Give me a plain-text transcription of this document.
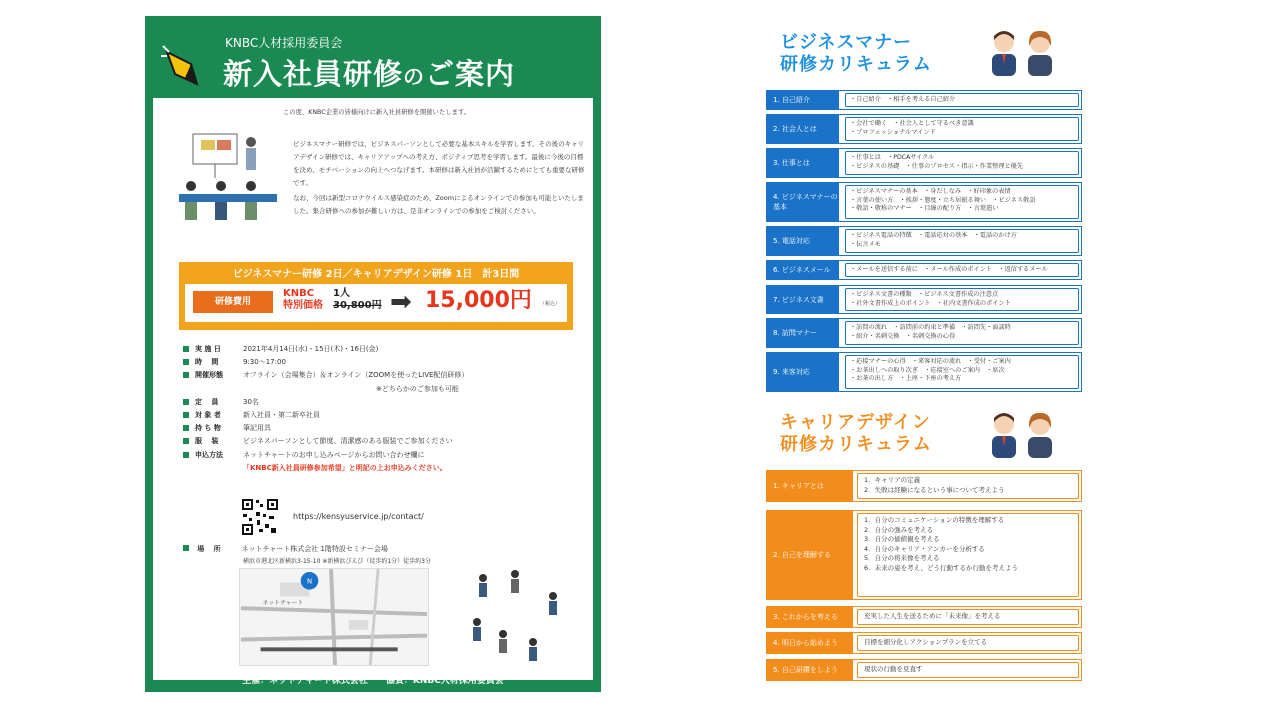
KNBC人材採用委員会
新入社員研修のご案内
この度、KNBC企業の皆様向けに新入社員研修を開催いたします。

ビジネスマナー研修では、ビジネスパーソンとして必要な基本スキルを学習します。その後のキャリアデザイン研修では、キャリアアップへの考え方、ポジティブ思考を学習します。最後に今後の目標を決め、モチベーションの向上へつなげます。本研修は新入社員が活躍するためにとても重要な研修です。

なお、今回は新型コロナウイルス感染症のため、Zoomによるオンラインでの参加も可能といたしました。集合研修への参加が難しい方は、是非オンラインでの参加をご検討ください。

ビジネスマナー研修 2日／キャリアデザイン研修 1日　計3日間
研修費用
KNBC
特別価格
1人
30,800円 ➡ 15,000円 （税込）
実 施 日	2021年4月14日(水)・15日(木)・16日(金)
時　 間	9:30～17:00
開催形態	オフライン（会場集合）＆オンライン（ZOOMを使ったLIVE配信研修）
　　　　　　　　　　　　　　　　　　　※どちらかのご参加も可能
定　 員	30名
対 象 者	新入社員・第二新卒社員
持 ち 物	筆記用具
服　 装	ビジネスパーソンとして節度、清潔感のある服装でご参加ください
申込方法	ネットチャートのお申し込みページからお問い合わせ欄に
「KNBC新入社員研修参加希望」と明記の上お申込みください。
https://kensyuservice.jp/contact/
場　 所	ネットチャート株式会社 1階特設セミナー会場
横浜市港北区新横浜3-15-10 ※新横浜ぴえび（徒歩約1分）徒歩約3分
N
ネットチャート
主催：ネットチャート株式会社　　協賛：KNBC人材採用委員会
ビジネスマナー
研修カリキュラム
1. 自己紹介	・自己紹介　・相手を考える自己紹介
2. 社会人とは
・会社で働く　・社会人として守るべき意識
・プロフェッショナルマインド
3. 仕事とは
・仕事とは　・PDCAサイクル
・ビジネスの基礎　・仕事のプロセス・指示・作業整理と優先
4. ビジネスマナーの基本
・ビジネスマナーの基本　・身だしなみ　・好印象の表情
・言葉の使い方　・挨拶・態度・立ち居振る舞い　・ビジネス敬語
・敬語・敬称のマナー　・目線の配り方　・言葉遣い
5. 電話対応
・ビジネス電話の特徴　・電話応対の基本　・電話のかけ方
・伝言メモ
6. ビジネスメール	・メールを送信する前に　・メール作成のポイント　・返信するメール
7. ビジネス文書
・ビジネス文書の種類　・ビジネス文書作成の注意点
・社外文書作成上のポイント　・社内文書作成のポイント
8. 訪問マナー
・訪問の流れ　・訪問前の約束と準備　・訪問先・面談時
・紹介・名刺交換　・名刺交換の心得
9. 来客対応
・応接マナーの心得　・来客対応の流れ　・受付・ご案内
・お茶出しへの取り次ぎ　・応接室へのご案内　・席次
・お茶の出し方　・上座・下座の考え方
キャリアデザイン
研修カリキュラム
1. キャリアとは
1．キャリアの定義
2．失敗は経験になるという事について考えよう
2. 自己を理解する
1．自分のコミュニケーションの特徴を理解する
2．自分の強みを考える
3．自分の価値観を考える
4．自分のキャリア・アンカーを分析する
5．自分の将来像を考える
6．未来の姿を考え、どう行動するか行動を考えよう
3. これからを考える	充実した人生を送るために「未来像」を考える
4. 明日から始めよう	目標を細分化しアクションプランを立てる
5. 自己研鑽をしよう	現状の行動を見直す
